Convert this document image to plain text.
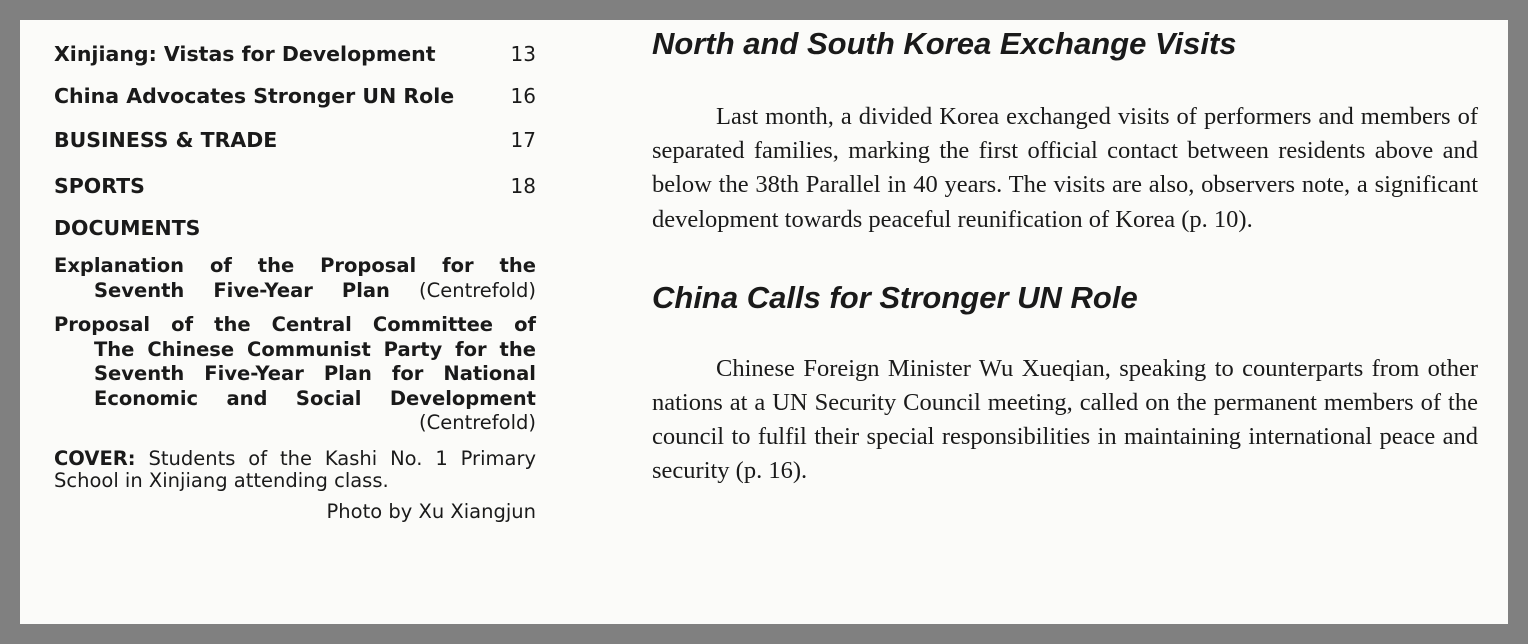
Xinjiang: Vistas for Development	13
China Advocates Stronger UN Role	16
BUSINESS & TRADE	17
SPORTS	18
DOCUMENTS
Explanation of the Proposal for the
Seventh Five-Year Plan (Centrefold)
Proposal of the Central Committee of
The Chinese Communist Party for the
Seventh Five-Year Plan for National
Economic and Social Development
(Centrefold)
COVER: Students of the Kashi No. 1 Primary School in Xinjiang attending class.
Photo by Xu Xiangjun
North and South Korea Exchange Visits

Last month, a divided Korea exchanged visits of performers and members of separated families, marking the first official contact between residents above and below the 38th Parallel in 40 years. The visits are also, observers note, a significant development towards peaceful reunification of Korea (p. 10).

China Calls for Stronger UN Role

Chinese Foreign Minister Wu Xueqian, speaking to counterparts from other nations at a UN Security Council meeting, called on the permanent members of the council to fulfil their special responsibilities in maintaining international peace and security (p. 16).
